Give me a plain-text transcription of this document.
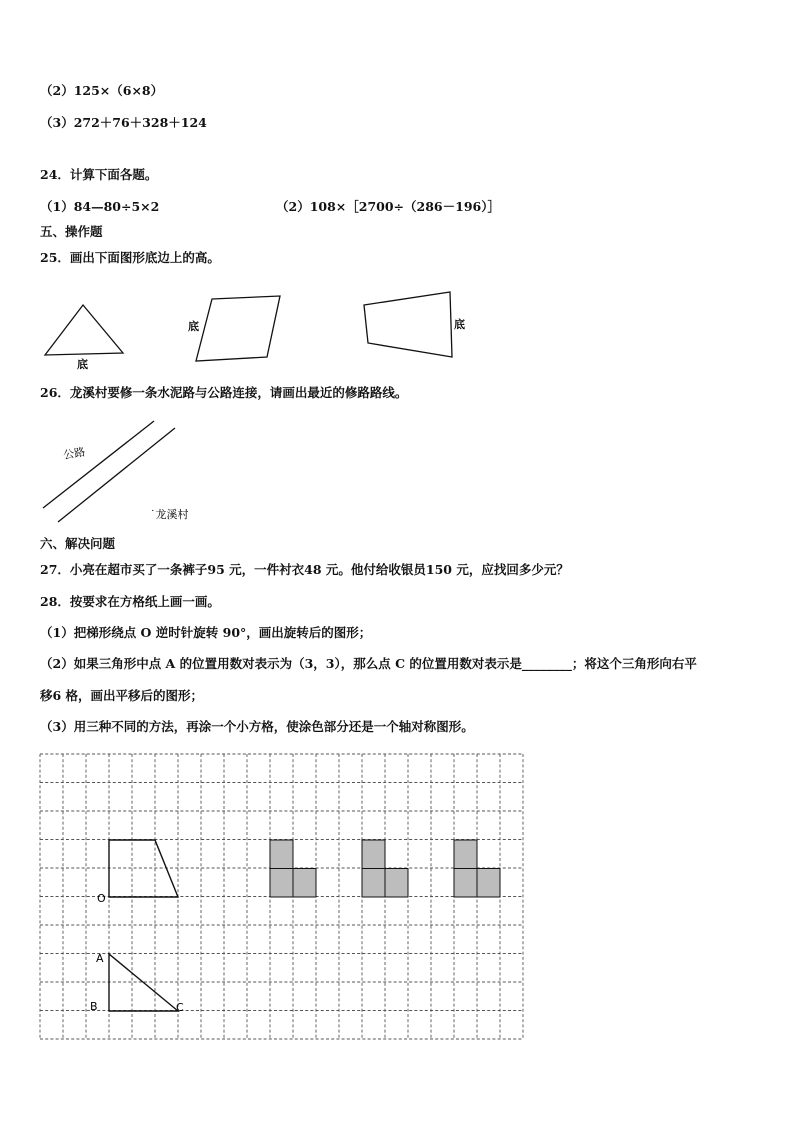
（2）125×（6×8）
（3）272＋76＋328＋124
24．计算下面各题。
（1）84—80÷5×2	（2）108×［2700÷（286－196）］
五、操作题
25．画出下面图形底边上的高。
底
底	底
26．龙溪村要修一条水泥路与公路连接，请画出最近的修路路线。
公路
˙龙溪村
六、解决问题
27．小亮在超市买了一条裤子95 元，一件衬衣48 元。他付给收银员150 元，应找回多少元？
28．按要求在方格纸上画一画。
（1）把梯形绕点 O 逆时针旋转 90°，画出旋转后的图形；
（2）如果三角形中点 A 的位置用数对表示为（3，3），那么点 C 的位置用数对表示是________；将这个三角形向右平
移6 格，画出平移后的图形；
（3）用三种不同的方法，再涂一个小方格，使涂色部分还是一个轴对称图形。
O
A
B	C
